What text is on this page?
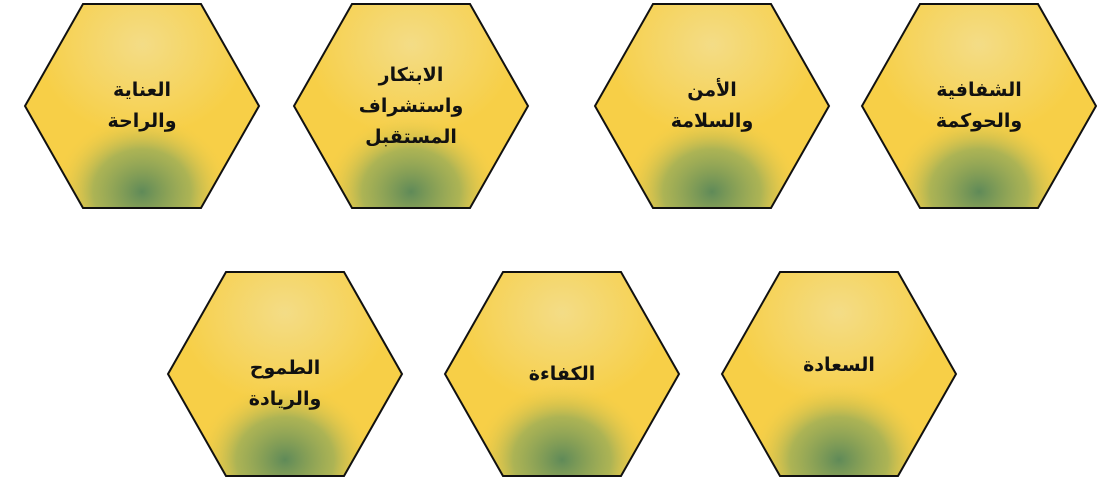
الشفافية
والحوكمة
الأمن
والسلامة
الابتكار
واستشراف
المستقبل
العناية
والراحة
السعادة
الكفاءة
الطموح
والريادة
